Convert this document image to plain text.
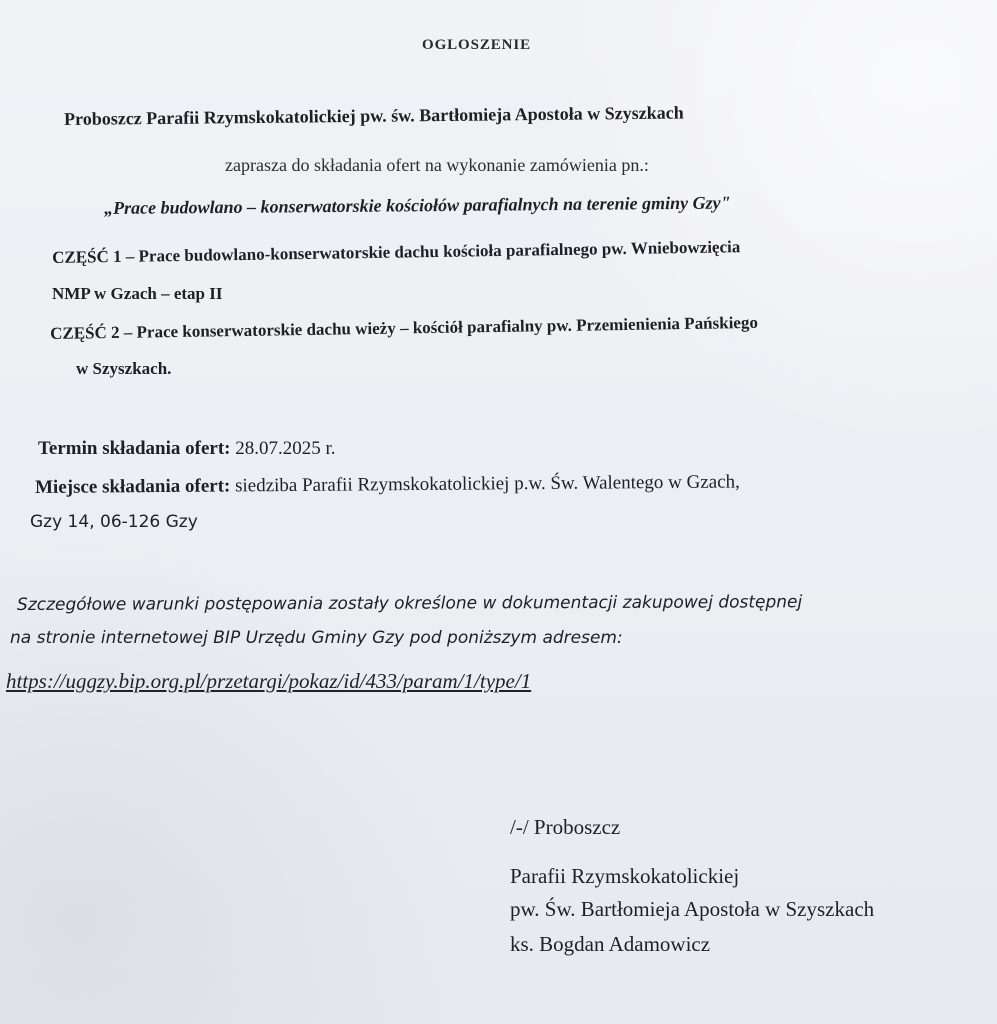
OGLOSZENIE
Proboszcz Parafii Rzymskokatolickiej pw. św. Bartłomieja Apostoła w Szyszkach
zaprasza do składania ofert na wykonanie zamówienia pn.:
„Prace budowlano – konserwatorskie kościołów parafialnych na terenie gminy Gzy"
CZĘŚĆ 1 – Prace budowlano-konserwatorskie dachu kościoła parafialnego pw. Wniebowzięcia
NMP w Gzach – etap II
CZĘŚĆ 2 – Prace konserwatorskie dachu wieży – kościół parafialny pw. Przemienienia Pańskiego
w Szyszkach.
Termin składania ofert: 28.07.2025 r.
Miejsce składania ofert: siedziba Parafii Rzymskokatolickiej p.w. Św. Walentego w Gzach,
Gzy 14, 06-126 Gzy
Szczegółowe warunki postępowania zostały określone w dokumentacji zakupowej dostępnej
na stronie internetowej BIP Urzędu Gminy Gzy pod poniższym adresem:
https://uggzy.bip.org.pl/przetargi/pokaz/id/433/param/1/type/1
/-/ Proboszcz
Parafii Rzymskokatolickiej
pw. Św. Bartłomieja Apostoła w Szyszkach
ks. Bogdan Adamowicz
